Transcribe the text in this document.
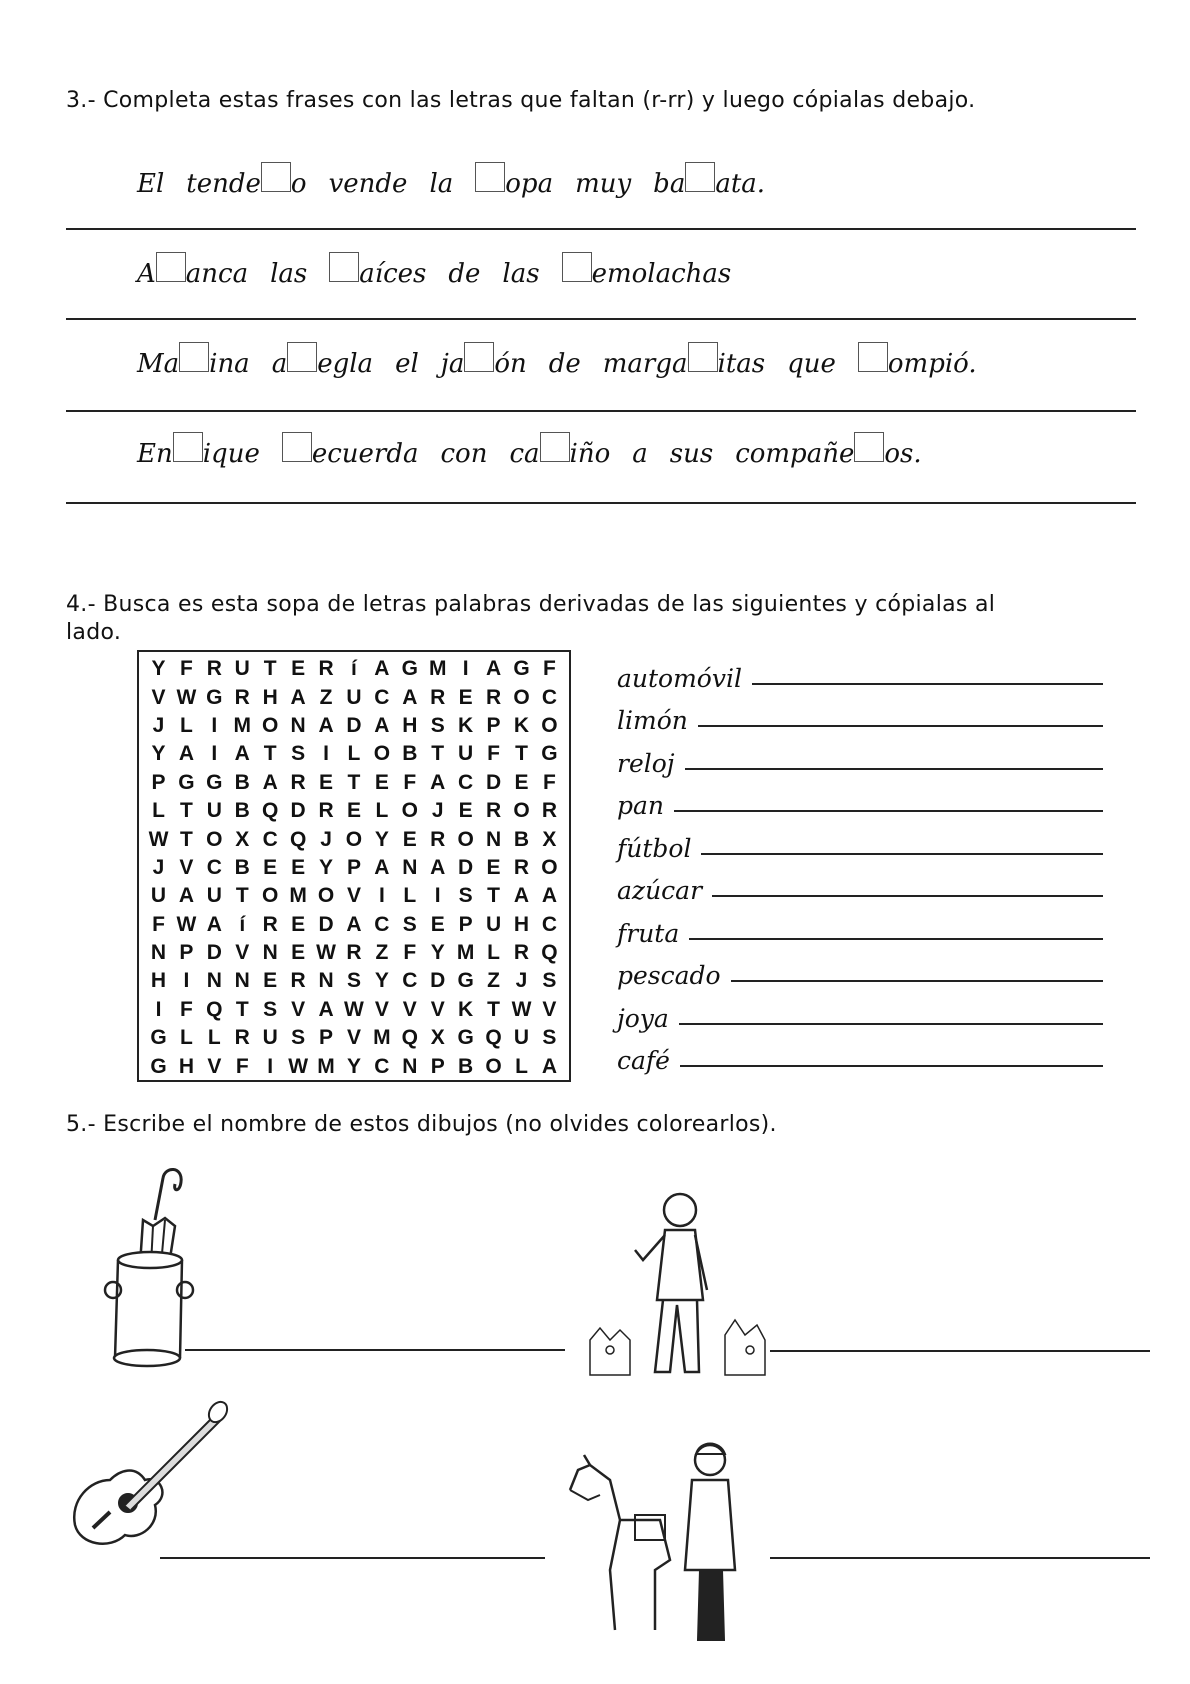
3.- Completa estas frases con las letras que faltan (r-rr) y luego cópialas debajo.
El tende o vende la opa muy ba ata.
A anca las aíces de las emolachas
Ma ina a egla el ja ón de marga itas que ompió.
En ique ecuerda con ca iño a sus compañe os.
4.- Busca es esta sopa de letras palabras derivadas de las siguientes y cópialas al
lado.
Y F R U T E R í A G M I A G F
V W G R H A Z U C A R E R O C
J L I M O N A D A H S K P K O
Y A I A T S I L O B T U F T G
P G G B A R E T E F A C D E F
L T U B Q D R E L O J E R O R
W T O X C Q J O Y E R O N B X
J V C B E E Y P A N A D E R O
U A U T O M O V I L I S T A A
F W A í R E D A C S E P U H C
N P D V N E W R Z F Y M L R Q
H I N N E R N S Y C D G Z J S
I F Q T S V A W V V V K T W V
G L L R U S P V M Q X G Q U S
G H V F I W M Y C N P B O L A
automóvil
limón
reloj
pan
fútbol
azúcar
fruta
pescado
joya
café
5.- Escribe el nombre de estos dibujos (no olvides colorearlos).
